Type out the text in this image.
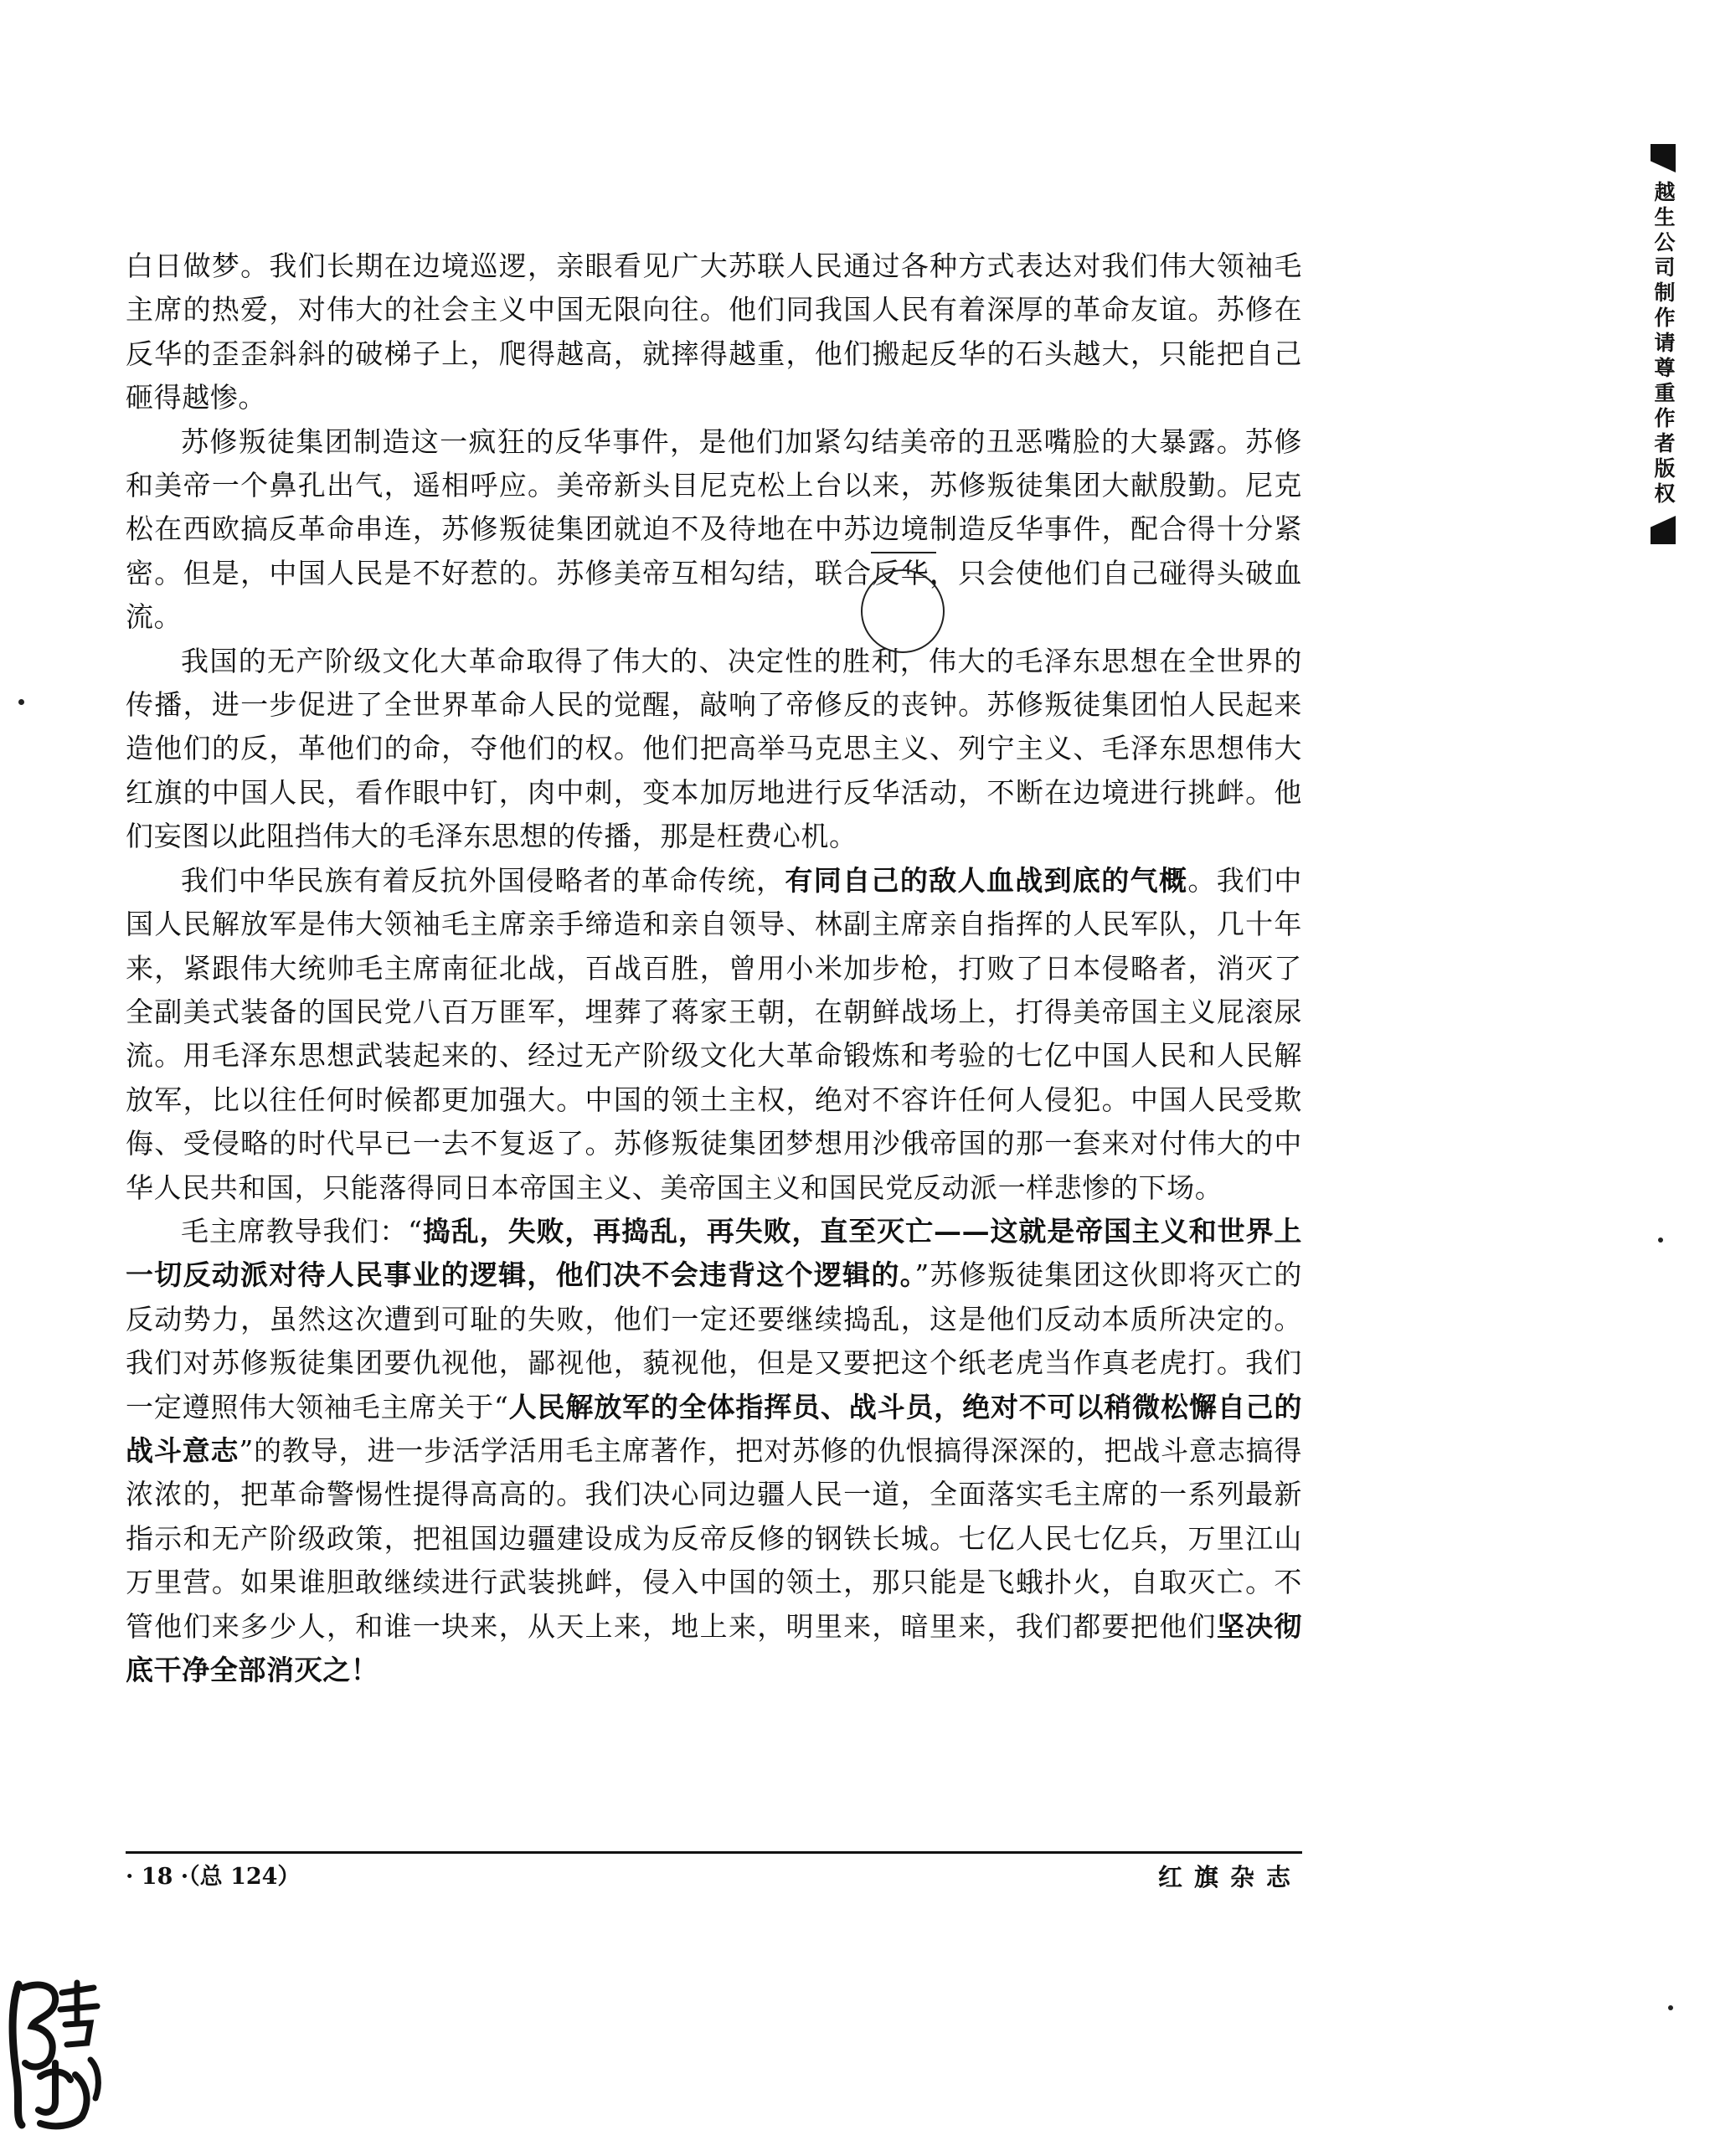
越生公司制作请尊重作者版权

白日做梦。我们长期在边境巡逻，亲眼看见广大苏联人民通过各种方式表达对我们伟大领袖毛主席的热爱，对伟大的社会主义中国无限向往。他们同我国人民有着深厚的革命友谊。苏修在反华的歪歪斜斜的破梯子上，爬得越高，就摔得越重，他们搬起反华的石头越大，只能把自己砸得越惨。

苏修叛徒集团制造这一疯狂的反华事件，是他们加紧勾结美帝的丑恶嘴脸的大暴露。苏修和美帝一个鼻孔出气，遥相呼应。美帝新头目尼克松上台以来，苏修叛徒集团大献殷勤。尼克松在西欧搞反革命串连，苏修叛徒集团就迫不及待地在中苏边境制造反华事件，配合得十分紧密。但是，中国人民是不好惹的。苏修美帝互相勾结，联合反华，只会使他们自己碰得头破血流。

我国的无产阶级文化大革命取得了伟大的、决定性的胜利，伟大的毛泽东思想在全世界的传播，进一步促进了全世界革命人民的觉醒，敲响了帝修反的丧钟。苏修叛徒集团怕人民起来造他们的反，革他们的命，夺他们的权。他们把高举马克思主义、列宁主义、毛泽东思想伟大红旗的中国人民，看作眼中钉，肉中刺，变本加厉地进行反华活动，不断在边境进行挑衅。他们妄图以此阻挡伟大的毛泽东思想的传播，那是枉费心机。

我们中华民族有着反抗外国侵略者的革命传统，有同自己的敌人血战到底的气概。我们中国人民解放军是伟大领袖毛主席亲手缔造和亲自领导、林副主席亲自指挥的人民军队，几十年来，紧跟伟大统帅毛主席南征北战，百战百胜，曾用小米加步枪，打败了日本侵略者，消灭了全副美式装备的国民党八百万匪军，埋葬了蒋家王朝，在朝鲜战场上，打得美帝国主义屁滚尿流。用毛泽东思想武装起来的、经过无产阶级文化大革命锻炼和考验的七亿中国人民和人民解放军，比以往任何时候都更加强大。中国的领土主权，绝对不容许任何人侵犯。中国人民受欺侮、受侵略的时代早已一去不复返了。苏修叛徒集团梦想用沙俄帝国的那一套来对付伟大的中华人民共和国，只能落得同日本帝国主义、美帝国主义和国民党反动派一样悲惨的下场。

毛主席教导我们：“捣乱，失败，再捣乱，再失败，直至灭亡——这就是帝国主义和世界上一切反动派对待人民事业的逻辑，他们决不会违背这个逻辑的。”苏修叛徒集团这伙即将灭亡的反动势力，虽然这次遭到可耻的失败，他们一定还要继续捣乱，这是他们反动本质所决定的。我们对苏修叛徒集团要仇视他，鄙视他，藐视他，但是又要把这个纸老虎当作真老虎打。我们一定遵照伟大领袖毛主席关于“人民解放军的全体指挥员、战斗员，绝对不可以稍微松懈自己的战斗意志”的教导，进一步活学活用毛主席著作，把对苏修的仇恨搞得深深的，把战斗意志搞得浓浓的，把革命警惕性提得高高的。我们决心同边疆人民一道，全面落实毛主席的一系列最新指示和无产阶级政策，把祖国边疆建设成为反帝反修的钢铁长城。七亿人民七亿兵，万里江山万里营。如果谁胆敢继续进行武装挑衅，侵入中国的领土，那只能是飞蛾扑火，自取灭亡。不管他们来多少人，和谁一块来，从天上来，地上来，明里来，暗里来，我们都要把他们坚决彻底干净全部消灭之！

· 18 ·（总 124）	红旗杂志
